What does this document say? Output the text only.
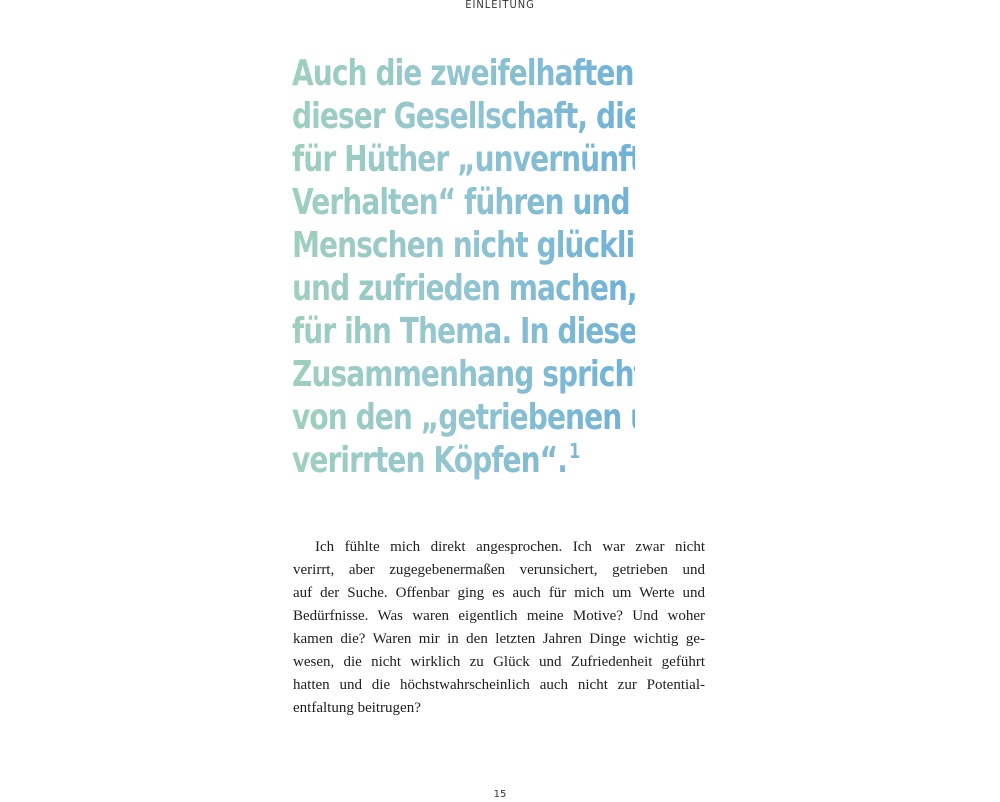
EINLEITUNG
Auch die zweifelhaften Ziele in
dieser Gesellschaft, die zu einem
für Hüther „unvernünftigen
Verhalten“ führen und die
Menschen nicht glücklich
und zufrieden machen, sind
für ihn Thema. In diesem
Zusammenhang spricht er
von den „getriebenen und
verirrten Köpfen“. $^1$
Ich fühlte mich direkt angesprochen. Ich war zwar nicht
verirrt, aber zugegebenermaßen verunsichert, getrieben und
auf der Suche. Offenbar ging es auch für mich um Werte und
Bedürfnisse. Was waren eigentlich meine Motive? Und woher
kamen die? Waren mir in den letzten Jahren Dinge wichtig ge-
wesen, die nicht wirklich zu Glück und Zufriedenheit geführt
hatten und die höchstwahrscheinlich auch nicht zur Potential-
entfaltung beitrugen?
15
